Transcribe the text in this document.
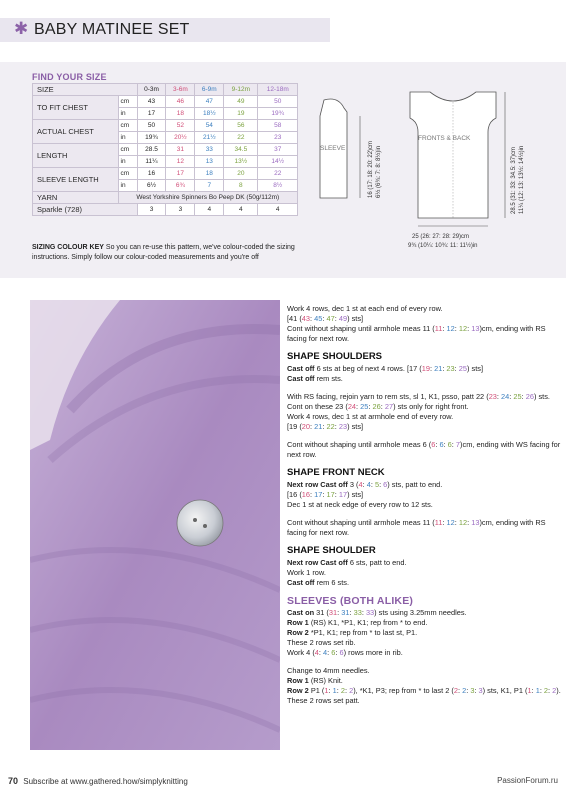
✱ BABY MATINEE SET
FIND YOUR SIZE
SIZE		0-3m	3-6m	6-9m	9-12m	12-18m
TO FIT CHEST	cm	43	46	47	49	50
	in	17	18	18½	19	19¾
ACTUAL CHEST	cm	50	52	54	56	58
	in	19¾	20½	21½	22	23
LENGTH	cm	28.5	31	33	34.5	37
	in	11¼	12	13	13½	14½
SLEEVE LENGTH	cm	16	17	18	20	22
	in	6½	6¾	7	8	8½
YARN	West Yorkshire Spinners Bo Peep DK (50g/112m)					
Sparkle (728)		3	3	4	4	4
SIZING COLOUR KEY So you can re-use this pattern, we've colour-coded the sizing instructions. Simply follow our colour-coded measurements and you're off
SLEEVE	16 (17: 18: 20: 22)cm 6½ (6¾: 7: 8: 8½)in
FRONTS & BACK
28.5 (31: 33: 34.5: 37)cm 11¼ (12: 13: 13½: 14½)in
25 (26: 27: 28: 29)cm
9¾ (10¼: 10¾: 11: 11½)in

Work 4 rows, dec 1 st at each end of every row.
[41 (43: 45: 47: 49) sts]
Cont without shaping until armhole meas 11 (11: 12: 12: 13)cm, ending with RS facing for next row.

SHAPE SHOULDERS

Cast off 6 sts at beg of next 4 rows. [17 (19: 21: 23: 25) sts]
Cast off rem sts.

With RS facing, rejoin yarn to rem sts, sl 1, K1, psso, patt 22 (23: 24: 25: 26) sts.
Cont on these 23 (24: 25: 26: 27) sts only for right front.
Work 4 rows, dec 1 st at armhole end of every row.
[19 (20: 21: 22: 23) sts]

Cont without shaping until armhole meas 6 (6: 6: 6: 7)cm, ending with WS facing for next row.

SHAPE FRONT NECK

Next row Cast off 3 (4: 4: 5: 6) sts, patt to end.
[16 (16: 17: 17: 17) sts]
Dec 1 st at neck edge of every row to 12 sts.

Cont without shaping until armhole meas 11 (11: 12: 12: 13)cm, ending with RS facing for next row.

SHAPE SHOULDER

Next row Cast off 6 sts, patt to end.
Work 1 row.
Cast off rem 6 sts.

SLEEVES (BOTH ALIKE)

Cast on 31 (31: 31: 33: 33) sts using 3.25mm needles.
Row 1 (RS) K1, *P1, K1; rep from * to end.
Row 2 *P1, K1; rep from * to last st, P1.
These 2 rows set rib.
Work 4 (4: 4: 6: 6) rows more in rib.

Change to 4mm needles.
Row 1 (RS) Knit.
Row 2 P1 (1: 1: 2: 2), *K1, P3; rep from * to last 2 (2: 2: 3: 3) sts, K1, P1 (1: 1: 2: 2).
These 2 rows set patt.

70 Subscribe at www.gathered.how/simplyknitting	PassionForum.ru
